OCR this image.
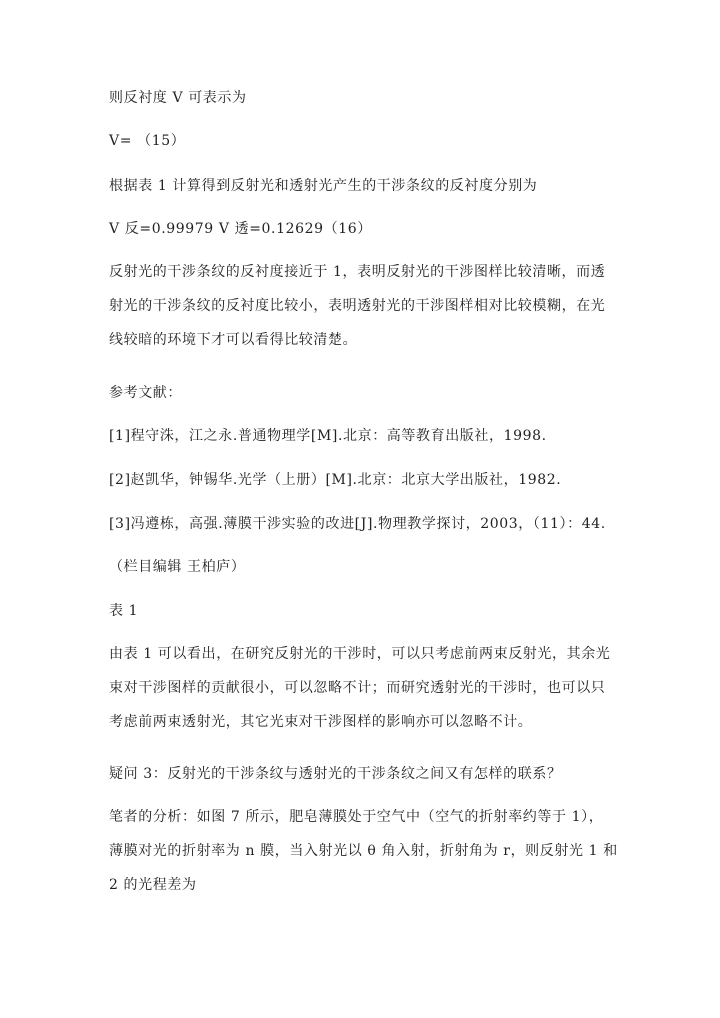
则反衬度 V 可表示为
V= （15）
根据表 1 计算得到反射光和透射光产生的干涉条纹的反衬度分别为
V 反=0.99979 V 透=0.12629（16）
反射光的干涉条纹的反衬度接近于 1，表明反射光的干涉图样比较清晰，而透
射光的干涉条纹的反衬度比较小，表明透射光的干涉图样相对比较模糊，在光
线较暗的环境下才可以看得比较清楚。
参考文献：
[1]程守洙，江之永.普通物理学[M].北京：高等教育出版社，1998.
[2]赵凯华，钟锡华.光学（上册）[M].北京：北京大学出版社，1982.
[3]冯遵栋，高强.薄膜干涉实验的改进[J].物理教学探讨，2003，（11）：44.
（栏目编辑 王柏庐）
表 1
由表 1 可以看出，在研究反射光的干涉时，可以只考虑前两束反射光，其余光
束对干涉图样的贡献很小，可以忽略不计；而研究透射光的干涉时，也可以只
考虑前两束透射光，其它光束对干涉图样的影响亦可以忽略不计。
疑问 3：反射光的干涉条纹与透射光的干涉条纹之间又有怎样的联系？
笔者的分析：如图 7 所示，肥皂薄膜处于空气中（空气的折射率约等于 1），
薄膜对光的折射率为 n 膜，当入射光以 θ 角入射，折射角为 r，则反射光 1 和
2 的光程差为
